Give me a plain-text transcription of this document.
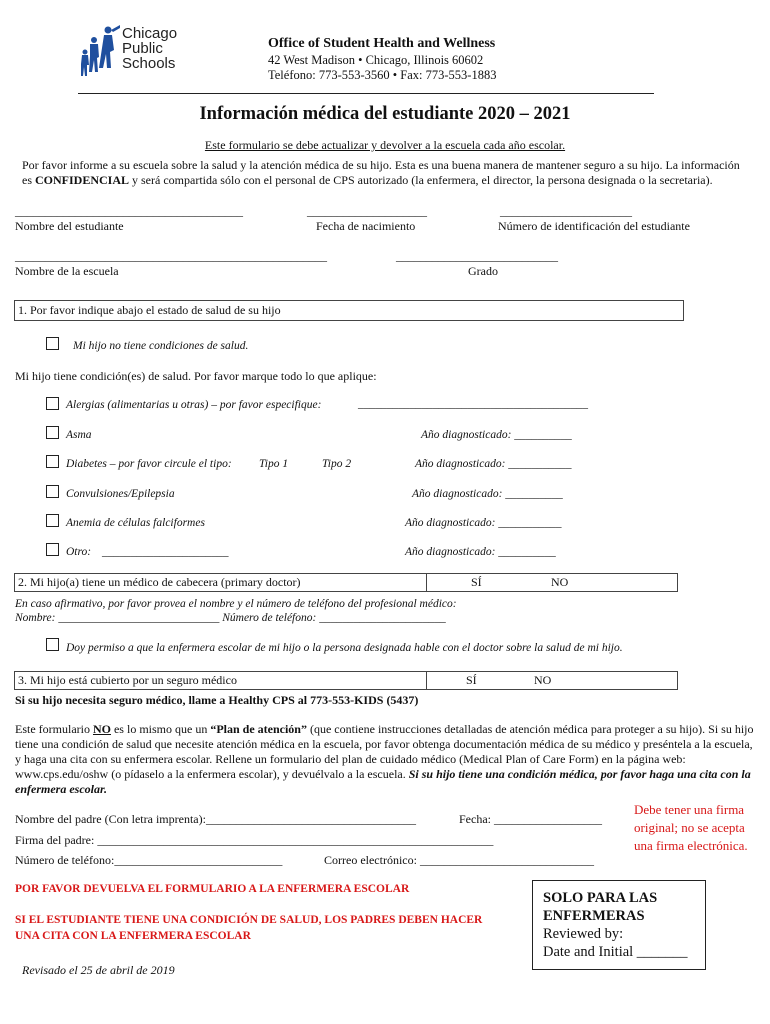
Chicago
Public
Schools
Office of Student Health and Wellness
42 West Madison • Chicago, Illinois 60602
Teléfono: 773-553-3560 • Fax: 773-553-1883
Información médica del estudiante 2020 – 2021
Este formulario se debe actualizar y devolver a la escuela cada año escolar.
Por favor informe a su escuela sobre la salud y la atención médica de su hijo. Esta es una buena manera de mantener seguro a su hijo. La información es CONFIDENCIAL y será compartida sólo con el personal de CPS autorizado (la enfermera, el director, la persona designada o la secretaria).
______________________________________	____________________	______________________
Nombre del estudiante	Fecha de nacimiento	Número de identificación del estudiante
____________________________________________________	___________________________
Nombre de la escuela	Grado
1. Por favor indique abajo el estado de salud de su hijo
Mi hijo no tiene condiciones de salud.
Mi hijo tiene condición(es) de salud. Por favor marque todo lo que aplique:
Alergias (alimentarias u otras) – por favor especifique:	________________________________________
Asma	Año diagnosticado: __________
Diabetes – por favor circule el tipo: Tipo 1	Tipo 2	Año diagnosticado: ___________
Convulsiones/Epilepsia	Año diagnosticado: __________
Anemia de células falciformes	Año diagnosticado: ___________
Otro: ______________________	Año diagnosticado: __________
2. Mi hijo(a) tiene un médico de cabecera (primary doctor)	SÍ	NO
En caso afirmativo, por favor provea el nombre y el número de teléfono del profesional médico:
Nombre: ____________________________ Número de teléfono: ______________________
Doy permiso a que la enfermera escolar de mi hijo o la persona designada hable con el doctor sobre la salud de mi hijo.
3. Mi hijo está cubierto por un seguro médico	SÍ	NO
Si su hijo necesita seguro médico, llame a Healthy CPS al 773-553-KIDS (5437)
Este formulario NO es lo mismo que un “Plan de atención” (que contiene instrucciones detalladas de atención médica para proteger a su hijo). Si su hijo tiene una condición de salud que necesite atención médica en la escuela, por favor obtenga documentación médica de su médico y preséntela a la escuela, y haga una cita con su enfermera escolar. Rellene un formulario del plan de cuidado médico (Medical Plan of Care Form) en la página web: www.cps.edu/oshw (o pídaselo a la enfermera escolar), y devuélvalo a la escuela. Si su hijo tiene una condición médica, por favor haga una cita con la enfermera escolar.
Nombre del padre (Con letra imprenta):___________________________________	Fecha: __________________
Firma del padre: __________________________________________________________________
Número de teléfono:____________________________	Correo electrónico: _____________________________
Debe tener una firma original; no se acepta una firma electrónica.
POR FAVOR DEVUELVA EL FORMULARIO A LA ENFERMERA ESCOLAR
SI EL ESTUDIANTE TIENE UNA CONDICIÓN DE SALUD, LOS PADRES DEBEN HACER UNA CITA CON LA ENFERMERA ESCOLAR
SOLO PARA LAS ENFERMERAS
Reviewed by:
Date and Initial _______
Revisado el 25 de abril de 2019
